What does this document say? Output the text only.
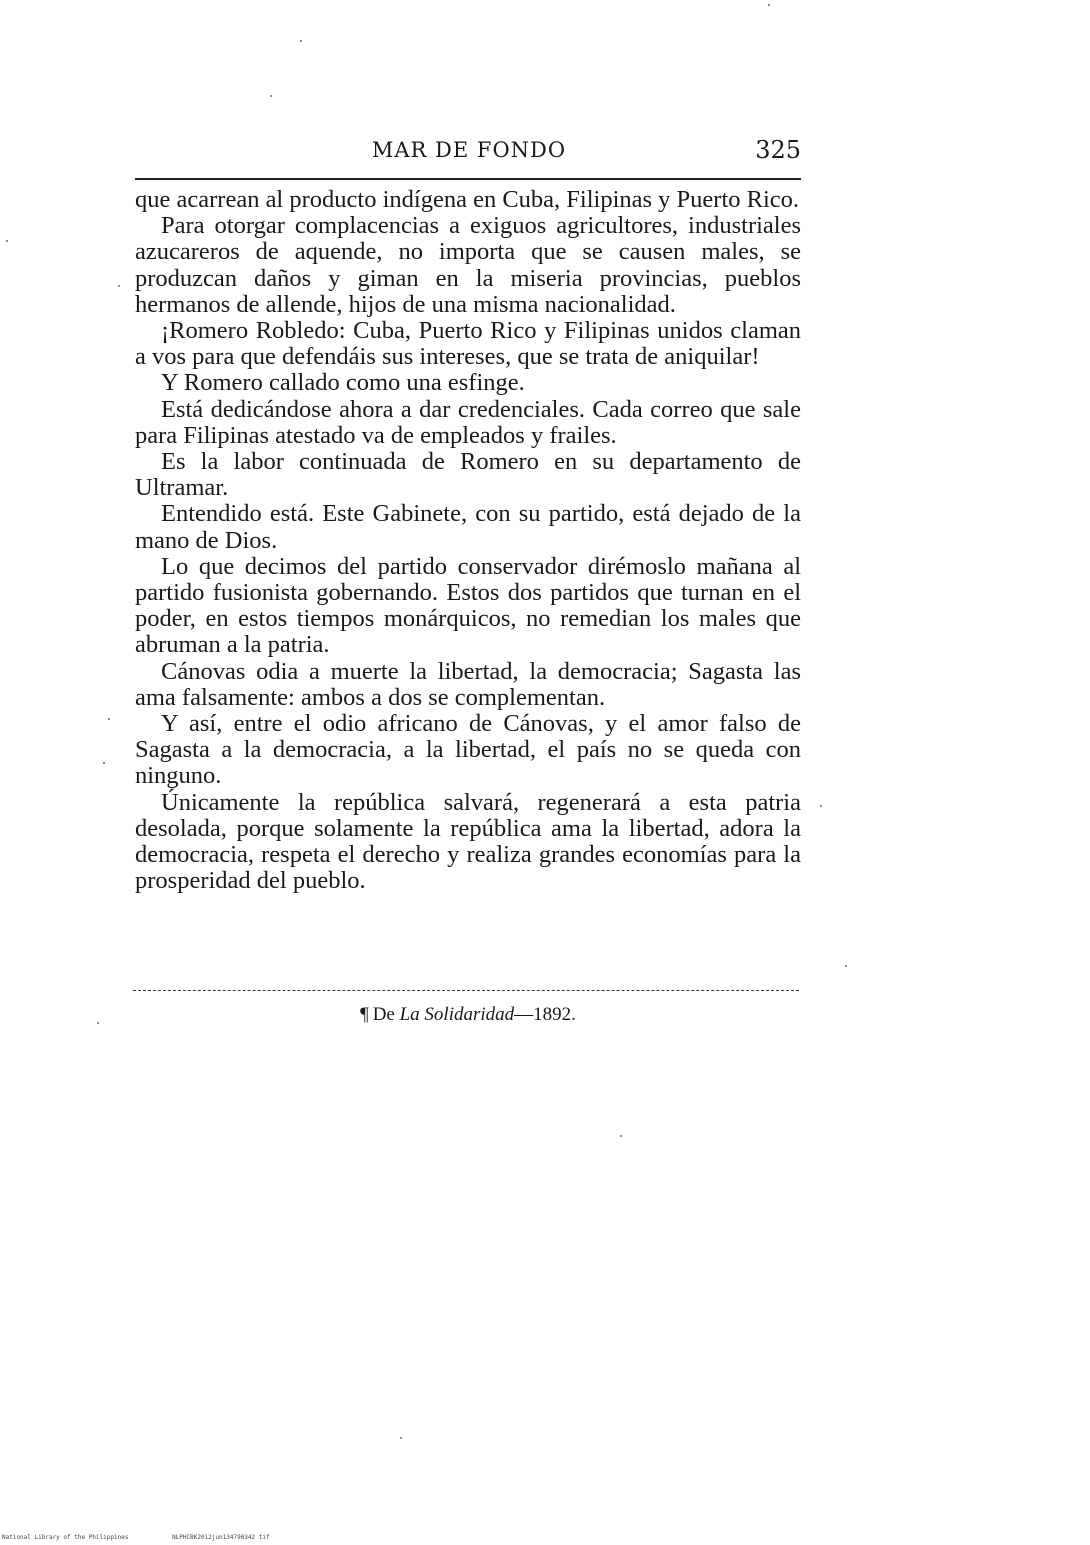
MAR DE FONDO	325

que acarrean al producto indígena en Cuba, Filipinas y Puerto Rico.

Para otorgar complacencias a exiguos agricultores, industriales azucareros de aquende, no importa que se causen males, se produzcan daños y giman en la miseria provincias, pueblos hermanos de allende, hijos de una misma nacionalidad.

¡Romero Robledo: Cuba, Puerto Rico y Filipinas unidos claman a vos para que defendáis sus intereses, que se trata de aniquilar!

Y Romero callado como una esfinge.

Está dedicándose ahora a dar credenciales. Cada correo que sale para Filipinas atestado va de empleados y frailes.

Es la labor continuada de Romero en su departamento de Ultramar.

Entendido está. Este Gabinete, con su partido, está dejado de la mano de Dios.

Lo que decimos del partido conservador dirémoslo mañana al partido fusionista gobernando. Estos dos partidos que turnan en el poder, en estos tiempos monárquicos, no remedian los males que abruman a la patria.

Cánovas odia a muerte la libertad, la democracia; Sagasta las ama falsamente: ambos a dos se complementan.

Y así, entre el odio africano de Cánovas, y el amor falso de Sagasta a la democracia, a la libertad, el país no se queda con ninguno.

Únicamente la república salvará, regenerará a esta patria desolada, porque solamente la república ama la libertad, adora la democracia, respeta el derecho y realiza grandes economías para la prosperidad del pueblo.

¶ De La Solidaridad—1892.
National Library of the Philippines	NLPHCBK2012jun134790342 tif
